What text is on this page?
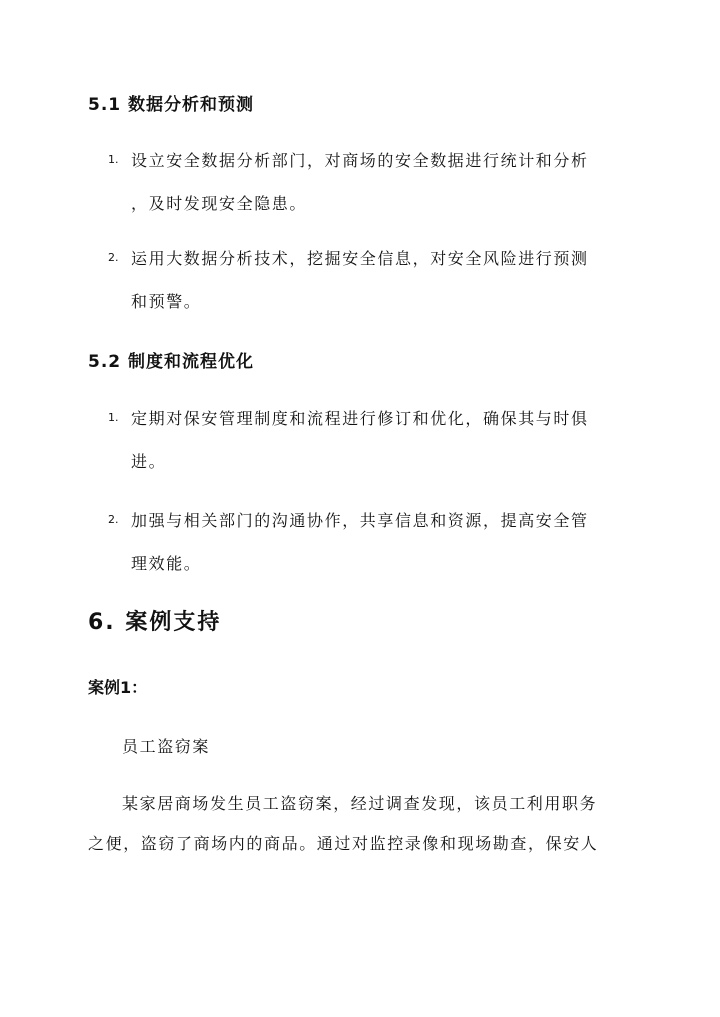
5.1 数据分析和预测
1. 设立安全数据分析部门，对商场的安全数据进行统计和分析
，及时发现安全隐患。
2. 运用大数据分析技术，挖掘安全信息，对安全风险进行预测
和预警。
5.2 制度和流程优化
1. 定期对保安管理制度和流程进行修订和优化，确保其与时俱
进。
2. 加强与相关部门的沟通协作，共享信息和资源，提高安全管
理效能。
6. 案例支持
案例1：
员工盗窃案
某家居商场发生员工盗窃案，经过调查发现，该员工利用职务
之便，盗窃了商场内的商品。通过对监控录像和现场勘查，保安人
